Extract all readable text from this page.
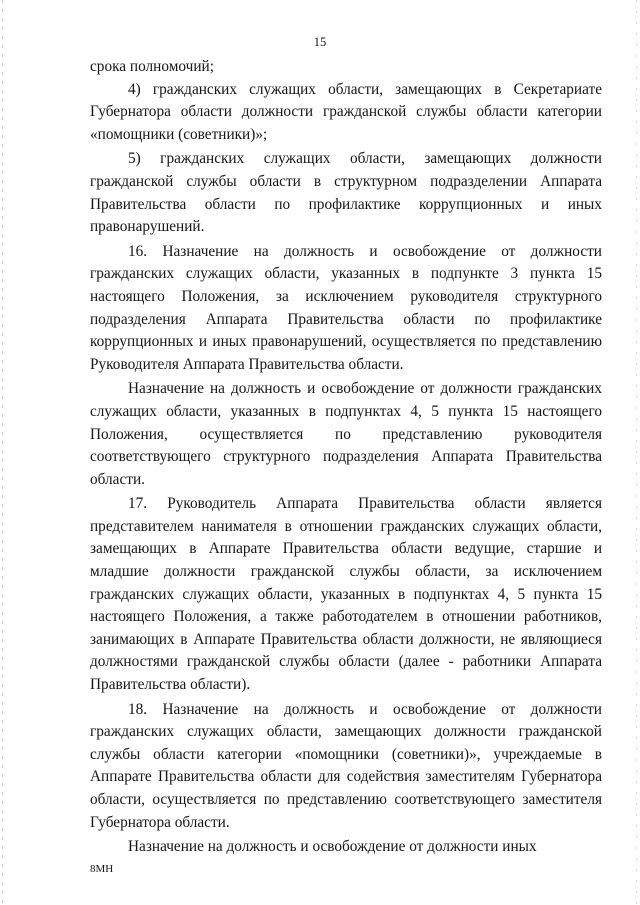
15

срока полномочий;

4) гражданских служащих области, замещающих в Секретариате Губернатора области должности гражданской службы области категории «помощники (советники)»;

5) гражданских служащих области, замещающих должности гражданской службы области в структурном подразделении Аппарата Правительства области по профилактике коррупционных и иных правонарушений.

16. Назначение на должность и освобождение от должности гражданских служащих области, указанных в подпункте 3 пункта 15 настоящего Положения, за исключением руководителя структурного подразделения Аппарата Правительства области по профилактике коррупционных и иных правонарушений, осуществляется по представлению Руководителя Аппарата Правительства области.

Назначение на должность и освобождение от должности гражданских служащих области, указанных в подпунктах 4, 5 пункта 15 настоящего Положения, осуществляется по представлению руководителя соответствующего структурного подразделения Аппарата Правительства области.

17. Руководитель Аппарата Правительства области является представителем нанимателя в отношении гражданских служащих области, замещающих в Аппарате Правительства области ведущие, старшие и младшие должности гражданской службы области, за исключением гражданских служащих области, указанных в подпунктах 4, 5 пункта 15 настоящего Положения, а также работодателем в отношении работников, занимающих в Аппарате Правительства области должности, не являющиеся должностями гражданской службы области (далее - работники Аппарата Правительства области).

18. Назначение на должность и освобождение от должности гражданских служащих области, замещающих должности гражданской службы области категории «помощники (советники)», учреждаемые в Аппарате Правительства области для содействия заместителям Губернатора области, осуществляется по представлению соответствующего заместителя Губернатора области.

Назначение на должность и освобождение от должности иных

8МН
